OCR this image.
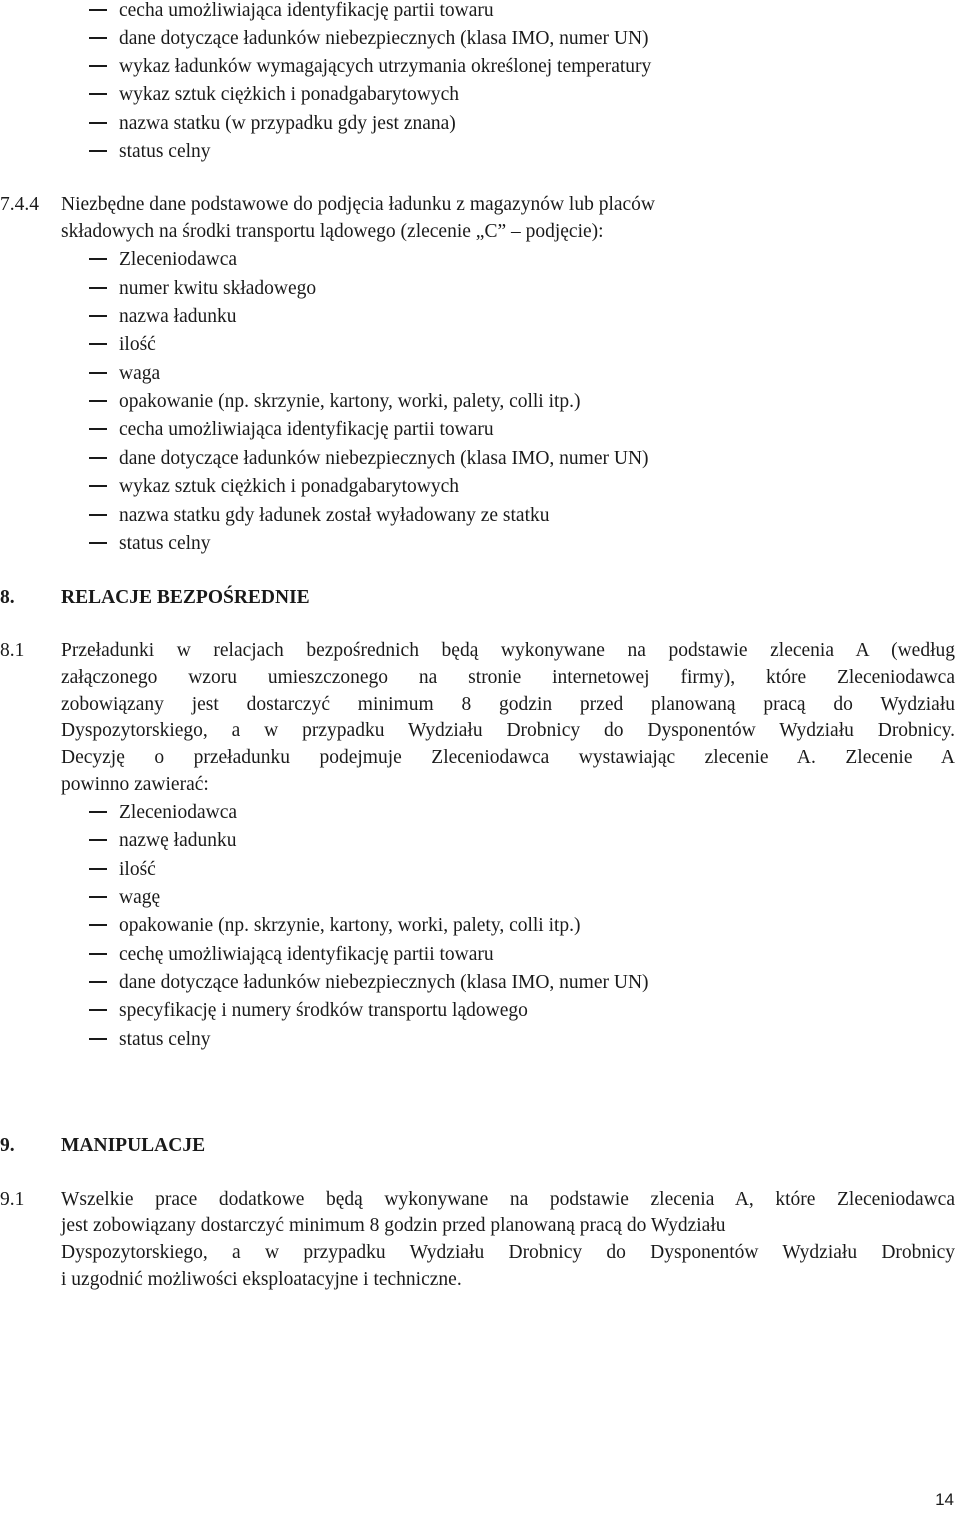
cecha umożliwiająca identyfikację partii towaru
dane dotyczące ładunków niebezpiecznych (klasa IMO, numer UN)
wykaz ładunków wymagających utrzymania określonej temperatury
wykaz sztuk ciężkich i ponadgabarytowych
nazwa statku (w przypadku gdy jest znana)
status celny
7.4.4 Niezbędne dane podstawowe do podjęcia ładunku z magazynów lub placów
składowych na środki transportu lądowego (zlecenie „C” – podjęcie):
Zleceniodawca
numer kwitu składowego
nazwa ładunku
ilość
waga
opakowanie (np. skrzynie, kartony, worki, palety, colli itp.)
cecha umożliwiająca identyfikację partii towaru
dane dotyczące ładunków niebezpiecznych (klasa IMO, numer UN)
wykaz sztuk ciężkich i ponadgabarytowych
nazwa statku gdy ładunek został wyładowany ze statku
status celny
8. RELACJE BEZPOŚREDNIE
8.1 Przeładunki w relacjach bezpośrednich będą wykonywane na podstawie zlecenia A (według
załączonego wzoru umieszczonego na stronie internetowej firmy), które Zleceniodawca
zobowiązany jest dostarczyć minimum 8 godzin przed planowaną pracą do Wydziału
Dyspozytorskiego, a w przypadku Wydziału Drobnicy do Dysponentów Wydziału Drobnicy.
Decyzję o przeładunku podejmuje Zleceniodawca wystawiając zlecenie A. Zlecenie A
powinno zawierać:
Zleceniodawca
nazwę ładunku
ilość
wagę
opakowanie (np. skrzynie, kartony, worki, palety, colli itp.)
cechę umożliwiającą identyfikację partii towaru
dane dotyczące ładunków niebezpiecznych (klasa IMO, numer UN)
specyfikację i numery środków transportu lądowego
status celny
9. MANIPULACJE
9.1 Wszelkie prace dodatkowe będą wykonywane na podstawie zlecenia A, które Zleceniodawca
jest zobowiązany dostarczyć minimum 8 godzin przed planowaną pracą do Wydziału
Dyspozytorskiego, a w przypadku Wydziału Drobnicy do Dysponentów Wydziału Drobnicy
i uzgodnić możliwości eksploatacyjne i techniczne.
14
